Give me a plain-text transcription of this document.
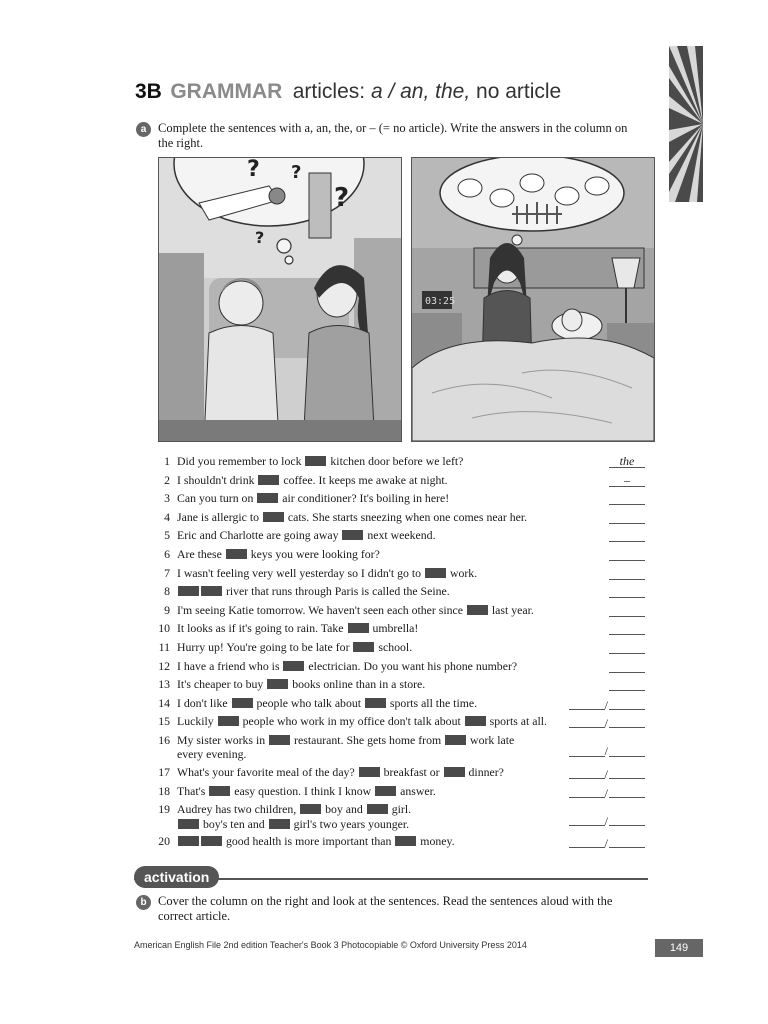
3B GRAMMAR articles: a / an, the, no article
a Complete the sentences with a, an, the, or – (= no article). Write the answers in the column on the right.
? ?
?
?
03:25
1 Did you remember to lock  kitchen door before we left?	the
2 I shouldn't drink  coffee. It keeps me awake at night.	–
3 Can you turn on  air conditioner? It's boiling in here!
4 Jane is allergic to  cats. She starts sneezing when one comes near her.
5 Eric and Charlotte are going away  next weekend.
6 Are these  keys you were looking for?
7 I wasn't feeling very well yesterday so I didn't go to  work.
8	river that runs through Paris is called the Seine.
9 I'm seeing Katie tomorrow. We haven't seen each other since  last year.
10 It looks as if it's going to rain. Take  umbrella!
11 Hurry up! You're going to be late for  school.
12 I have a friend who is  electrician. Do you want his phone number?
13 It's cheaper to buy  books online than in a store.
14 I don't like  people who talk about  sports all the time.	/
15 Luckily  people who work in my office don't talk about  sports at all.	/
16 My sister works in  restaurant. She gets home from  work late
every evening.	/
17 What's your favorite meal of the day?  breakfast or  dinner?	/
18 That's  easy question. I think I know  answer.	/
19 Audrey has two children,  boy and  girl.
boy's ten and  girl's two years younger.	/
20	good health is more important than  money.	/
activation
b Cover the column on the right and look at the sentences. Read the sentences aloud with the correct article.
American English File 2nd edition Teacher's Book 3 Photocopiable © Oxford University Press 2014	149
